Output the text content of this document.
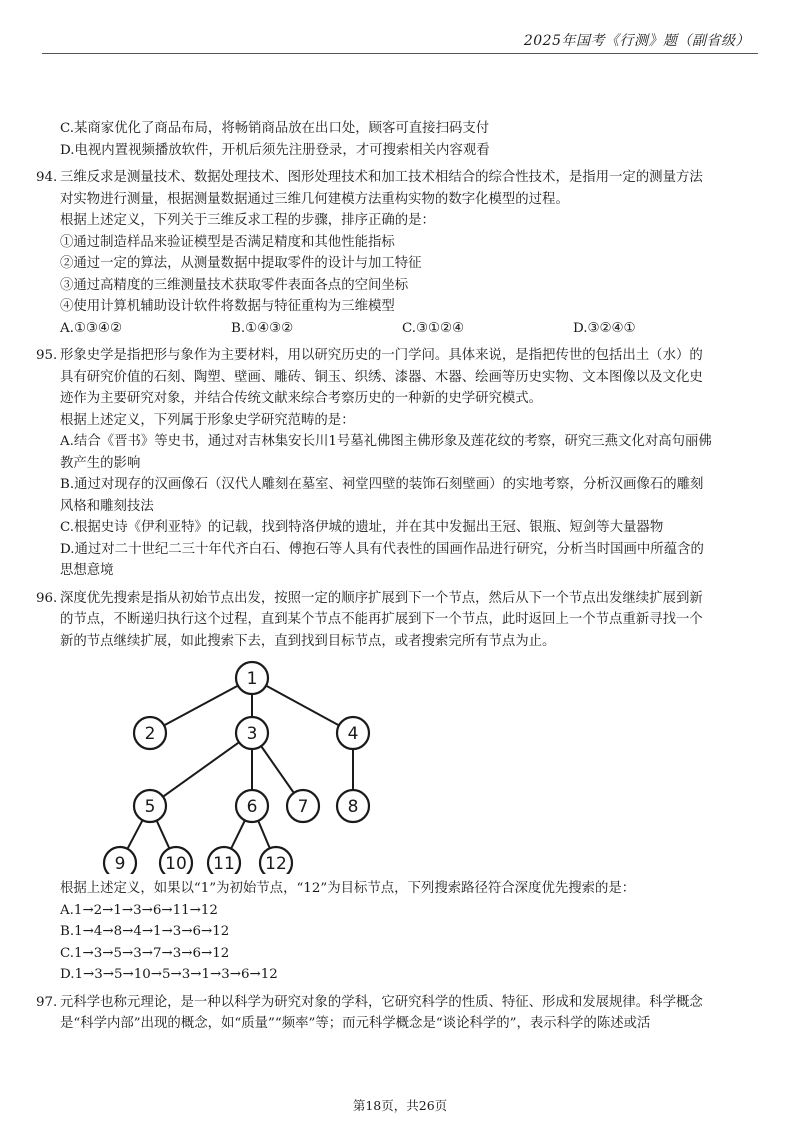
2025年国考《行测》题（副省级）
C.某商家优化了商品布局，将畅销商品放在出口处，顾客可直接扫码支付
D.电视内置视频播放软件，开机后须先注册登录，才可搜索相关内容观看
94. 三维反求是测量技术、数据处理技术、图形处理技术和加工技术相结合的综合性技术，是指用一定的测量方法
对实物进行测量，根据测量数据通过三维几何建模方法重构实物的数字化模型的过程。
根据上述定义，下列关于三维反求工程的步骤，排序正确的是：
①通过制造样品来验证模型是否满足精度和其他性能指标
②通过一定的算法，从测量数据中提取零件的设计与加工特征
③通过高精度的三维测量技术获取零件表面各点的空间坐标
④使用计算机辅助设计软件将数据与特征重构为三维模型
A.①③④②	B.①④③②	C.③①②④	D.③②④①
95. 形象史学是指把形与象作为主要材料，用以研究历史的一门学问。具体来说，是指把传世的包括出土（水）的
具有研究价值的石刻、陶塑、壁画、雕砖、铜玉、织绣、漆器、木器、绘画等历史实物、文本图像以及文化史
迹作为主要研究对象，并结合传统文献来综合考察历史的一种新的史学研究模式。
根据上述定义，下列属于形象史学研究范畴的是：
A.结合《晋书》等史书，通过对吉林集安长川1号墓礼佛图主佛形象及莲花纹的考察，研究三燕文化对高句丽佛
教产生的影响
B.通过对现存的汉画像石（汉代人雕刻在墓室、祠堂四壁的装饰石刻壁画）的实地考察，分析汉画像石的雕刻
风格和雕刻技法
C.根据史诗《伊利亚特》的记载，找到特洛伊城的遗址，并在其中发掘出王冠、银瓶、短剑等大量器物
D.通过对二十世纪二三十年代齐白石、傅抱石等人具有代表性的国画作品进行研究，分析当时国画中所蕴含的
思想意境
96. 深度优先搜索是指从初始节点出发，按照一定的顺序扩展到下一个节点，然后从下一个节点出发继续扩展到新
的节点，不断递归执行这个过程，直到某个节点不能再扩展到下一个节点，此时返回上一个节点重新寻找一个
新的节点继续扩展，如此搜索下去，直到找到目标节点，或者搜索完所有节点为止。
1
2	3	4
5	6 7 8
9 10 11 12
根据上述定义，如果以“1”为初始节点，“12”为目标节点，下列搜索路径符合深度优先搜索的是：
A.1→2→1→3→6→11→12
B.1→4→8→4→1→3→6→12
C.1→3→5→3→7→3→6→12
D.1→3→5→10→5→3→1→3→6→12
97. 元科学也称元理论，是一种以科学为研究对象的学科，它研究科学的性质、特征、形成和发展规律。科学概念
是“科学内部”出现的概念，如“质量”“频率”等；而元科学概念是“谈论科学的”，表示科学的陈述或活
第18页，共26页
